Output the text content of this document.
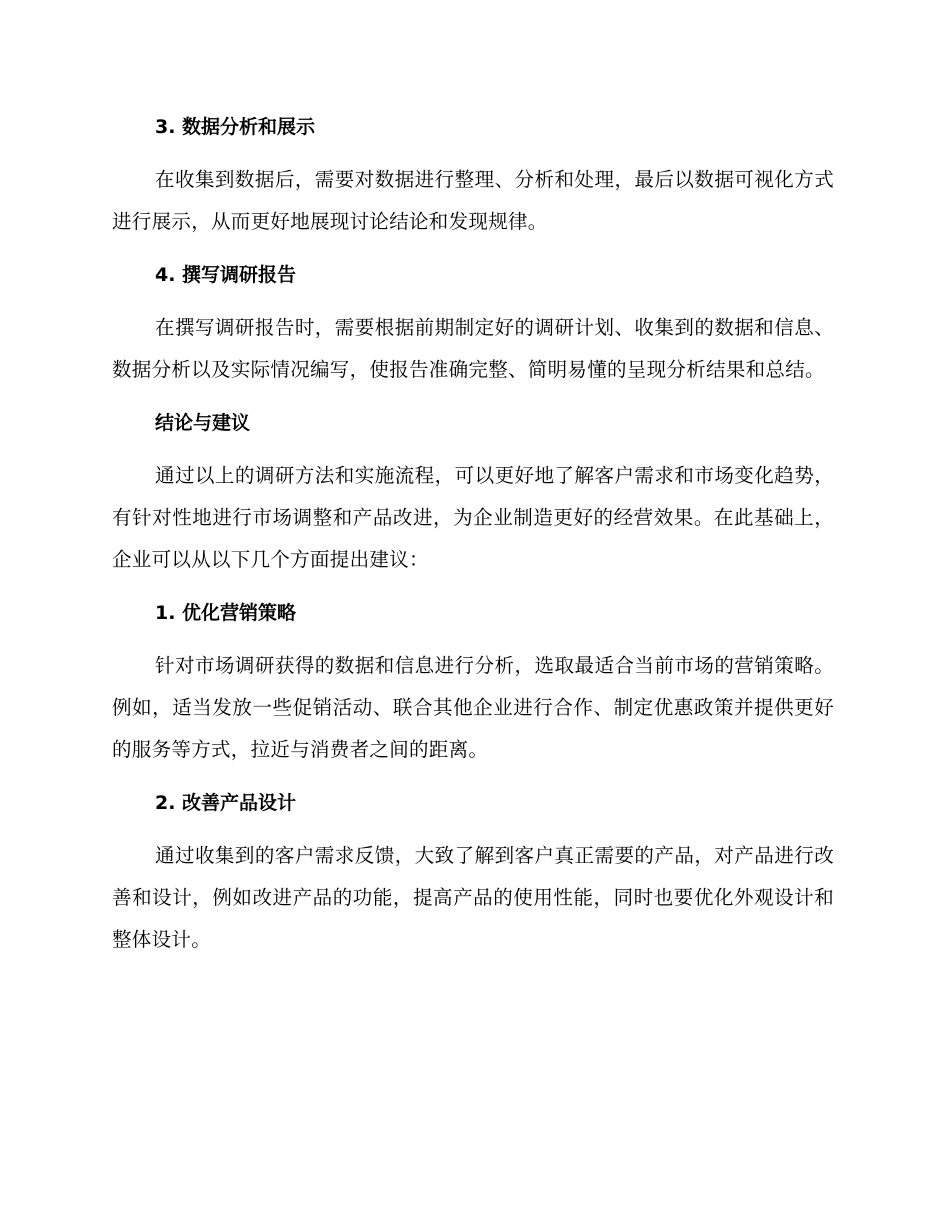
3. 数据分析和展示

在收集到数据后，需要对数据进行整理、分析和处理，最后以数据可视化方式进行展示，从而更好地展现讨论结论和发现规律。

4. 撰写调研报告

在撰写调研报告时，需要根据前期制定好的调研计划、收集到的数据和信息、数据分析以及实际情况编写，使报告准确完整、简明易懂的呈现分析结果和总结。

结论与建议

通过以上的调研方法和实施流程，可以更好地了解客户需求和市场变化趋势，有针对性地进行市场调整和产品改进，为企业制造更好的经营效果。在此基础上，企业可以从以下几个方面提出建议：

1. 优化营销策略

针对市场调研获得的数据和信息进行分析，选取最适合当前市场的营销策略。例如，适当发放一些促销活动、联合其他企业进行合作、制定优惠政策并提供更好的服务等方式，拉近与消费者之间的距离。

2. 改善产品设计

通过收集到的客户需求反馈，大致了解到客户真正需要的产品，对产品进行改善和设计，例如改进产品的功能，提高产品的使用性能，同时也要优化外观设计和整体设计。
